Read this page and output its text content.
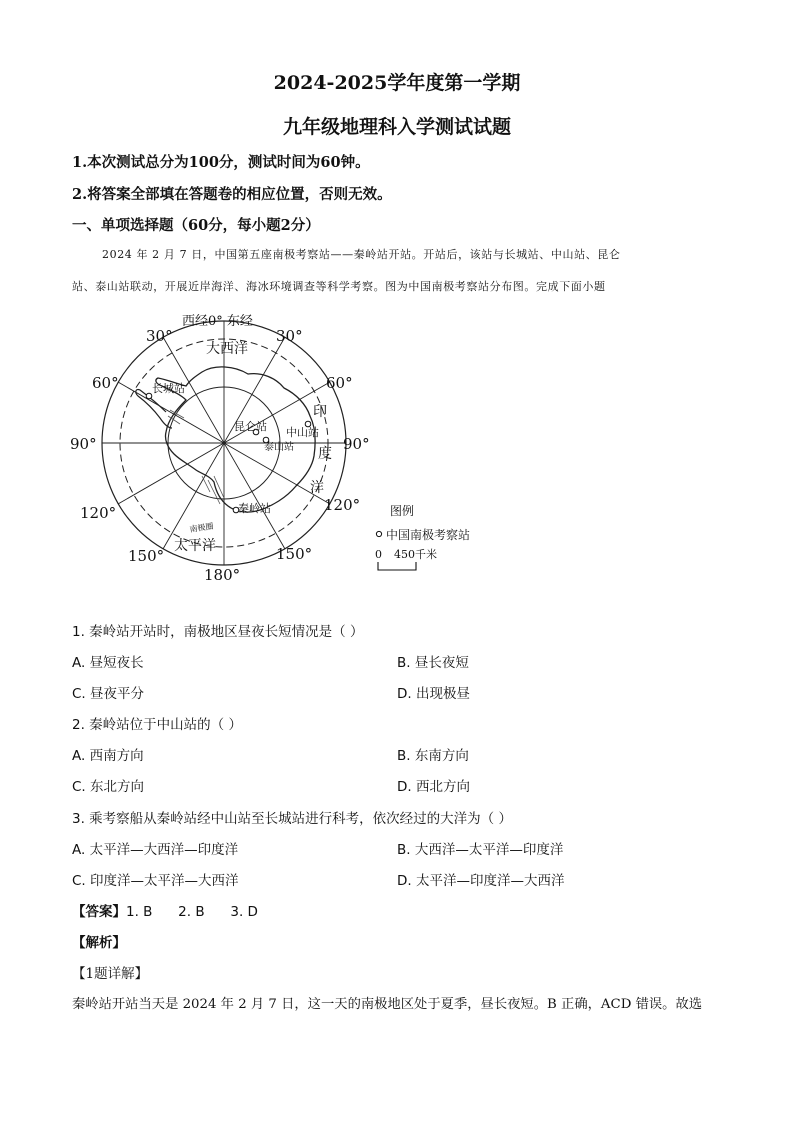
2024-2025学年度第一学期
九年级地理科入学测试试题
1.本次测试总分为100分，测试时间为60钟。
2.将答案全部填在答题卷的相应位置，否则无效。
一、单项选择题（60分，每小题2分）
2024 年 2 月 7 日，中国第五座南极考察站——秦岭站开站。开站后，该站与长城站、中山站、昆仑
站、泰山站联动，开展近岸海洋、海冰环境调查等科学考察。图为中国南极考察站分布图。完成下面小题
西经0° 东经
大西洋
太平洋
印
度
洋
30°	30°
60°	60°
90°	90°
120°	120°
150°	150°
180°
长城站
昆仑站 中山站
泰山站
秦岭站
南极圈
图例
中国南极考察站
0 450千米
1. 秦岭站开站时，南极地区昼夜长短情况是（ ）
A. 昼短夜长	B. 昼长夜短
C. 昼夜平分	D. 出现极昼
2. 秦岭站位于中山站的（ ）
A. 西南方向	B. 东南方向
C. 东北方向	D. 西北方向
3. 乘考察船从秦岭站经中山站至长城站进行科考，依次经过的大洋为（ ）
A. 太平洋—大西洋—印度洋	B. 大西洋—太平洋—印度洋
C. 印度洋—太平洋—大西洋	D. 太平洋—印度洋—大西洋
【答案】1. B      2. B      3. D
【解析】
【1题详解】
秦岭站开站当天是 2024 年 2 月 7 日，这一天的南极地区处于夏季，昼长夜短。B 正确，ACD 错误。故选
